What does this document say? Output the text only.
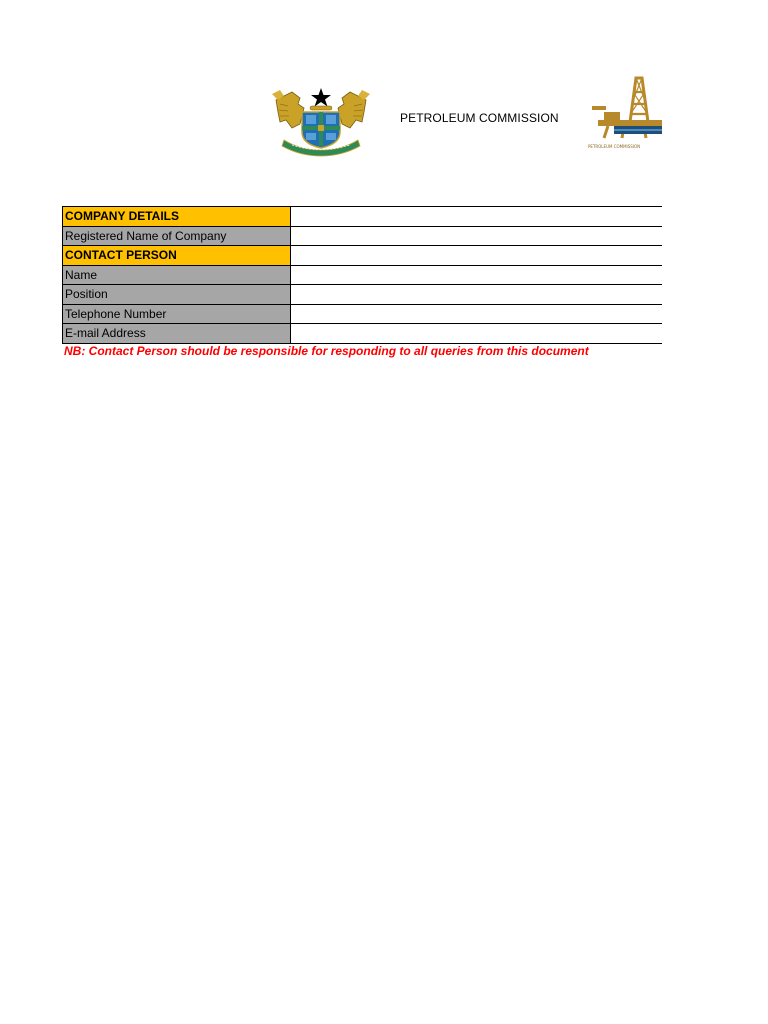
PETROLEUM COMMISSION
PETROLEUM COMMISSION
COMPANY DETAILS	
Registered Name of Company	
CONTACT PERSON	
Name	
Position	
Telephone Number	
E-mail Address	
NB: Contact Person should be responsible for responding to all queries from this document
